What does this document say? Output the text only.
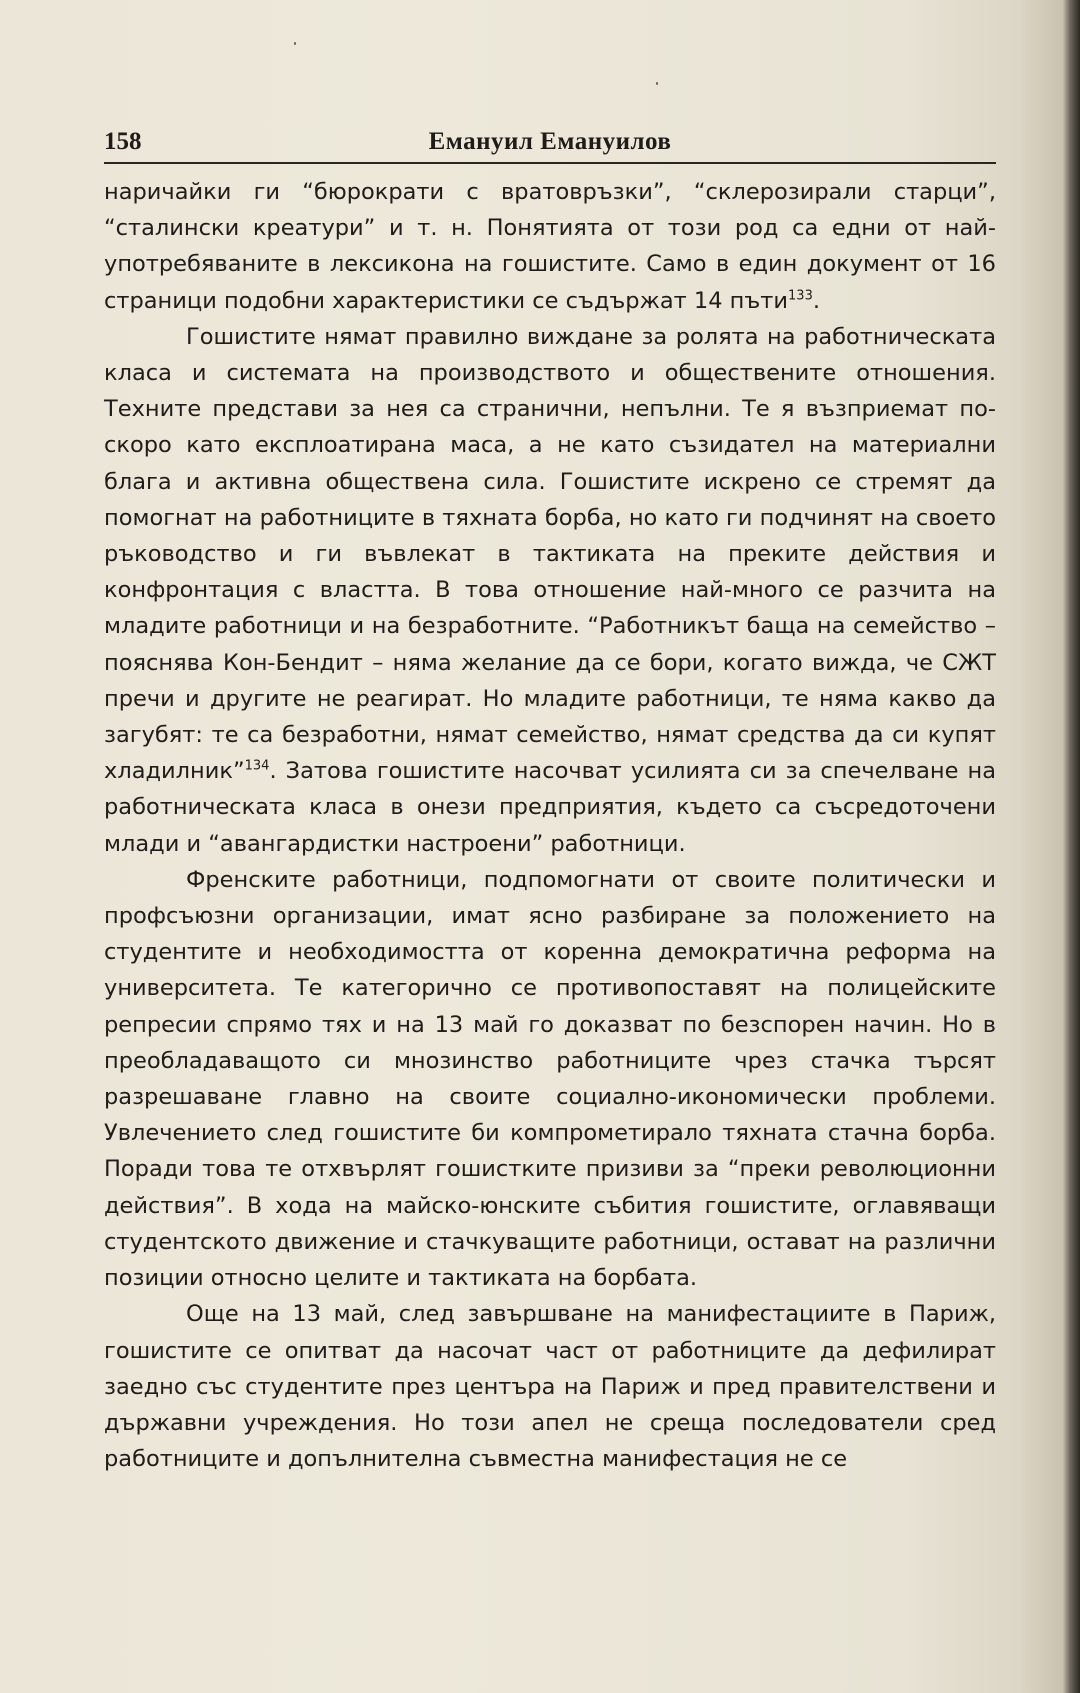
158	Емануил Емануилов

наричайки ги “бюрократи с вратовръзки”, “склерозирали старци”, “сталински креатури” и т. н. Понятията от този род са едни от най-употребяваните в лексикона на гошистите. Само в един документ от 16 страници подобни характеристики се съдържат 14 пъти$^{133}$.

Гошистите нямат правилно виждане за ролята на работническата класа и системата на производството и обществените отношения. Техните представи за нея са странични, непълни. Те я възприемат по-скоро като експлоатирана маса, а не като съзидател на материални блага и активна обществена сила. Гошистите искрено се стремят да помогнат на работниците в тяхната борба, но като ги подчинят на своето ръководство и ги въвлекат в тактиката на преките действия и конфронтация с властта. В това отношение най-много се разчита на младите работници и на безработните. “Работникът баща на семейство – пояснява Кон-Бендит – няма желание да се бори, когато вижда, че СЖТ пречи и другите не реагират. Но младите работници, те няма какво да загубят: те са безработни, нямат семейство, нямат средства да си купят хладилник”$^{134}$. Затова гошистите насочват усилията си за спечелване на работническата класа в онези предприятия, където са съсредоточени млади и “авангардистки настроени” работници.

Френските работници, подпомогнати от своите политически и профсъюзни организации, имат ясно разбиране за положението на студентите и необходимостта от коренна демократична реформа на университета. Те категорично се противопоставят на полицейските репресии спрямо тях и на 13 май го доказват по безспорен начин. Но в преобладаващото си мнозинство работниците чрез стачка търсят разрешаване главно на своите социално-икономически проблеми. Увлечението след гошистите би компрометирало тяхната стачна борба. Поради това те отхвърлят гошистките призиви за “преки революционни действия”. В хода на майско-юнските събития гошистите, оглавяващи студентското движение и стачкуващите работници, остават на различни позиции относно целите и тактиката на борбата.

Още на 13 май, след завършване на манифестациите в Париж, гошистите се опитват да насочат част от работниците да дефилират заедно със студентите през центъра на Париж и пред правителствени и държавни учреждения. Но този апел не среща последователи сред работниците и допълнителна съвместна манифестация не се
